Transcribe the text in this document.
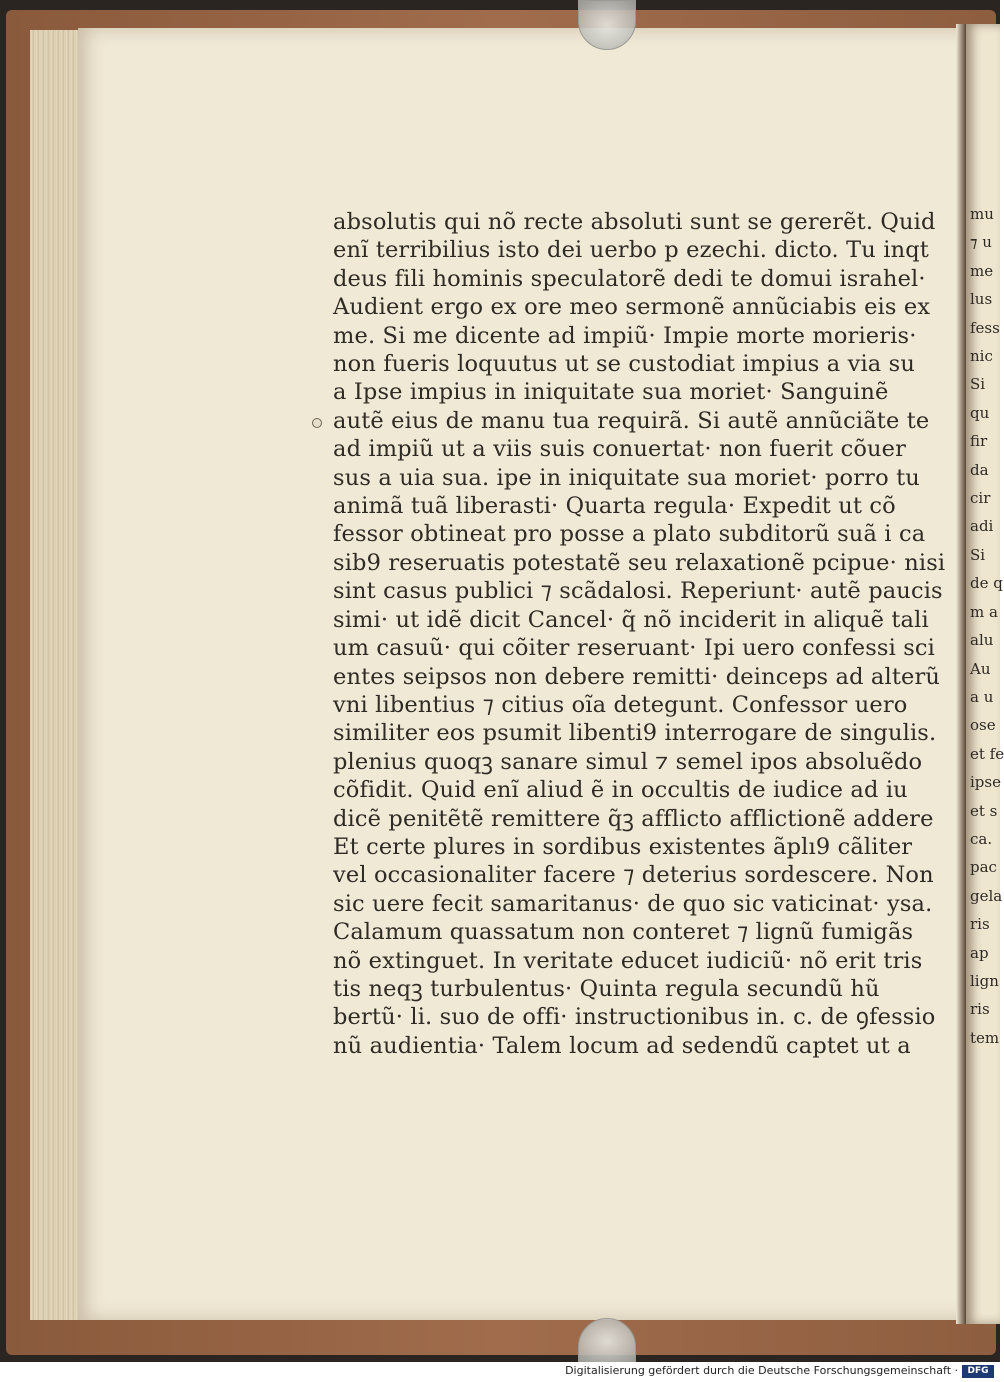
absolutis qui nõ recte absoluti sunt se gererẽt. Quid
enĩ terribilius isto dei uerbo p ezechi. dicto. Tu inqt
deus fili hominis speculatorẽ dedi te domui israhel·
Audient ergo ex ore meo sermonẽ annũciabis eis ex
me. Si me dicente ad impiũ· Impie morte morieris·
non fueris loquutus ut se custodiat impius a via su
a Ipse impius in iniquitate sua moriet· Sanguinẽ
autẽ eius de manu tua requirã. Si autẽ annũciãte te
ad impiũ ut a viis suis conuertat· non fuerit cõuer
sus a uia sua. ipe in iniquitate sua moriet· porro tu
animã tuã liberasti· Quarta regula· Expedit ut cõ
fessor obtineat pro posse a plato subditorũ suã i ca
sib9 reseruatis potestatẽ seu relaxationẽ pcipue· nisi
sint casus publici ⁊ scãdalosi. Reperiunt· autẽ paucis
simi· ut idẽ dicit Cancel· q̃ nõ inciderit in aliquẽ tali
um casuũ· qui cõiter reseruant· Ipi uero confessi sci
entes seipsos non debere remitti· deinceps ad alterũ
vni libentius ⁊ citius oĩa detegunt. Confessor uero
similiter eos psumit libenti9 interrogare de singulis.
plenius quoqꝫ sanare simul ⁊ semel ipos absoluẽdo
cõfidit. Quid enĩ aliud ẽ in occultis de iudice ad iu
dicẽ penitẽtẽ remittere q̃ꝫ afflicto afflictionẽ addere
Et certe plures in sordibus existentes ãplı9 cãliter
vel occasionaliter facere ⁊ deterius sordescere. Non
sic uere fecit samaritanus· de quo sic vaticinat· ysa.
Calamum quassatum non conteret ⁊ lignũ fumigãs
nõ extinguet. In veritate educet iudiciũ· nõ erit tris
tis neqꝫ turbulentus· Quinta regula secundũ hũ
bertũ· li. suo de offi· instructionibus in. c. de ꝯfessio
nũ audientia· Talem locum ad sedendũ captet ut a
mu
⁊ u
me
lus
fess
nic
Si
qu
fir
da
cir
adi
Si
de q
m a
alu
Au
a u
ose
et fe
ipse
et s
ca.
pac
gela
ris
ap
lign
ris
tem
Digitalisierung gefördert durch die Deutsche Forschungsgemeinschaft ·	DFG
